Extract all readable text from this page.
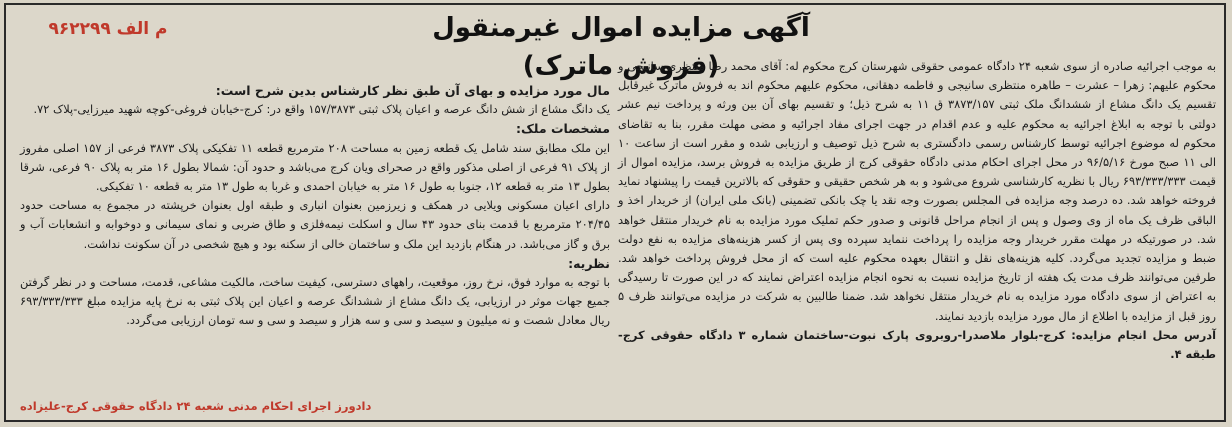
م الف ۹۶۲۲۹۹	آگهی مزایده اموال غیرمنقول (فروش ماترک)

به موجب اجرائیه صادره از سوی شعبه ۲۴ دادگاه عمومی حقوقی شهرستان کرج محکوم له: آقای محمد رضا منتظری سانیجی و محکوم علیهم: زهرا – عشرت – طاهره منتظری سانیجی و فاطمه دهقانی، محکوم علیهم محکوم اند به فروش ماترک غیرقابل تقسیم یک دانگ مشاع از ششدانگ ملک ثبتی ۳۸۷۳/۱۵۷ ق ۱۱ به شرح ذیل؛ و تقسیم بهای آن بین ورثه و پرداخت نیم عشر دولتی با توجه به ابلاغ اجرائیه به محکوم علیه و عدم اقدام در جهت اجرای مفاد اجرائیه و مضی مهلت مقرر، بنا به تقاضای محکوم له موضوع اجرائیه توسط کارشناس رسمی دادگستری به شرح ذیل توصیف و ارزیابی شده و مقرر است از ساعت ۱۰ الی ۱۱ صبح مورخ ۹۶/۵/۱۶ در محل اجرای احکام مدنی دادگاه حقوقی کرج از طریق مزایده به فروش برسد، مزایده اموال از قیمت ۶۹۳/۳۳۳/۳۳۳ ریال با نظریه کارشناسی شروع می‌شود و به هر شخص حقیقی و حقوقی که بالاترین قیمت را پیشنهاد نماید فروخته خواهد شد. ده درصد وجه مزایده فی المجلس بصورت وجه نقد یا چک بانکی تضمینی (بانک ملی ایران) از خریدار اخذ و الباقی ظرف یک ماه از وی وصول و پس از انجام مراحل قانونی و صدور حکم تملیک مورد مزایده به نام خریدار منتقل خواهد شد. در صورتیکه در مهلت مقرر خریدار وجه مزایده را پرداخت ننماید سپرده وی پس از کسر هزینه‌های مزایده به نفع دولت ضبط و مزایده تجدید می‌گردد. کلیه هزینه‌های نقل و انتقال بعهده محکوم علیه است که از محل فروش پرداخت خواهد شد. طرفین می‌توانند ظرف مدت یک هفته از تاریخ مزایده نسبت به نحوه انجام مزایده اعتراض نمایند که در این صورت تا رسیدگی به اعتراض از سوی دادگاه مورد مزایده به نام خریدار منتقل نخواهد شد. ضمنا طالبین به شرکت در مزایده می‌توانند ظرف ۵ روز قبل از مزایده با اطلاع از مال مورد مزایده بازدید نمایند.

آدرس محل انجام مزایده: کرج-بلوار ملاصدرا-روبروی پارک نبوت-ساختمان شماره ۳ دادگاه حقوقی کرج-طبقه ۴.

مال مورد مزایده و بهای آن طبق نظر کارشناس بدین شرح است:

یک دانگ مشاع از شش دانگ عرصه و اعیان پلاک ثبتی ۱۵۷/۳۸۷۳ واقع در: کرج-خیابان فروغی-کوچه شهید میرزایی-پلاک ۷۲.

مشخصات ملک:

این ملک مطابق سند شامل یک قطعه زمین به مساحت ۲۰۸ مترمربع قطعه ۱۱ تفکیکی پلاک ۳۸۷۳ فرعی از ۱۵۷ اصلی مفروز از پلاک ۹۱ فرعی از اصلی مذکور واقع در صحرای ویان کرج می‌باشد و حدود آن: شمالا بطول ۱۶ متر به پلاک ۹۰ فرعی، شرقا بطول ۱۳ متر به قطعه ۱۲، جنوبا به طول ۱۶ متر به خیابان احمدی و غربا به طول ۱۳ متر به قطعه ۱۰ تفکیکی.

دارای اعیان مسکونی ویلایی در همکف و زیرزمین بعنوان انباری و طبقه اول بعنوان خرپشته در مجموع به مساحت حدود ۲۰۴/۴۵ مترمربع با قدمت بنای حدود ۴۳ سال و اسکلت نیمه‌فلزی و طاق ضربی و نمای سیمانی و دوخوابه و انشعابات آب و برق و گاز می‌باشد. در هنگام بازدید این ملک و ساختمان خالی از سکنه بود و هیچ شخصی در آن سکونت نداشت.

نظریه:

با توجه به موارد فوق، نرخ روز، موقعیت، راههای دسترسی، کیفیت ساخت، مالکیت مشاعی، قدمت، مساحت و در نظر گرفتن جمیع جهات موثر در ارزیابی، یک دانگ مشاع از ششدانگ عرصه و اعیان این پلاک ثبتی به نرخ پایه مزایده مبلغ ۶۹۳/۳۳۳/۳۳۳ ریال معادل شصت و نه میلیون و سیصد و سی و سه هزار و سیصد و سی و سه تومان ارزیابی می‌گردد.

دادورز اجرای احکام مدنی شعبه ۲۴ دادگاه حقوقی کرج-علیزاده
